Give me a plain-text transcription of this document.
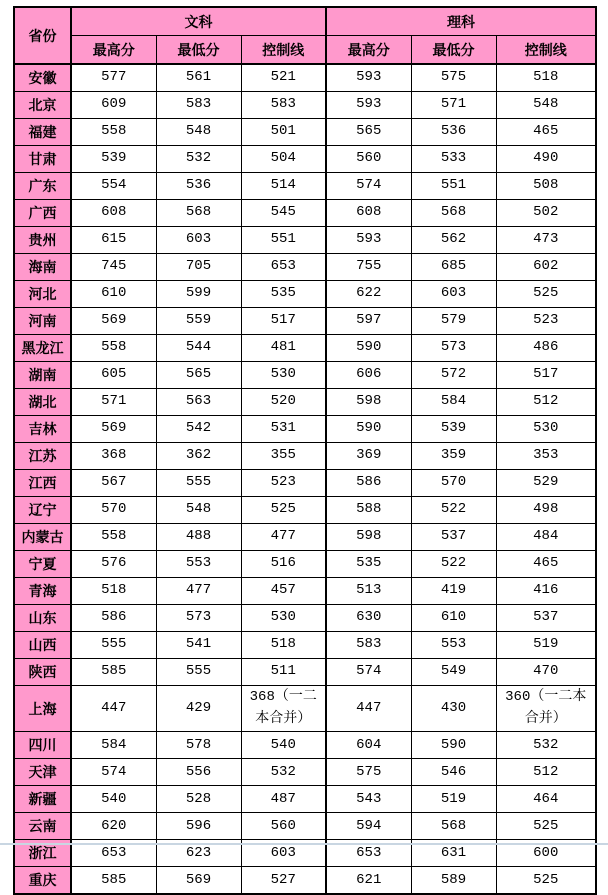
省份	文科			理科		
	最高分	最低分	控制线	最高分	最低分	控制线
安徽	577	561	521	593	575	518
北京	609	583	583	593	571	548
福建	558	548	501	565	536	465
甘肃	539	532	504	560	533	490
广东	554	536	514	574	551	508
广西	608	568	545	608	568	502
贵州	615	603	551	593	562	473
海南	745	705	653	755	685	602
河北	610	599	535	622	603	525
河南	569	559	517	597	579	523
黑龙江	558	544	481	590	573	486
湖南	605	565	530	606	572	517
湖北	571	563	520	598	584	512
吉林	569	542	531	590	539	530
江苏	368	362	355	369	359	353
江西	567	555	523	586	570	529
辽宁	570	548	525	588	522	498
内蒙古	558	488	477	598	537	484
宁夏	576	553	516	535	522	465
青海	518	477	457	513	419	416
山东	586	573	530	630	610	537
山西	555	541	518	583	553	519
陕西	585	555	511	574	549	470
上海	447	429	368（一二本合并）	447	430	360（一二本合并）
四川	584	578	540	604	590	532
天津	574	556	532	575	546	512
新疆	540	528	487	543	519	464
云南	620	596	560	594	568	525
浙江	653	623	603	653	631	600
重庆	585	569	527	621	589	525
